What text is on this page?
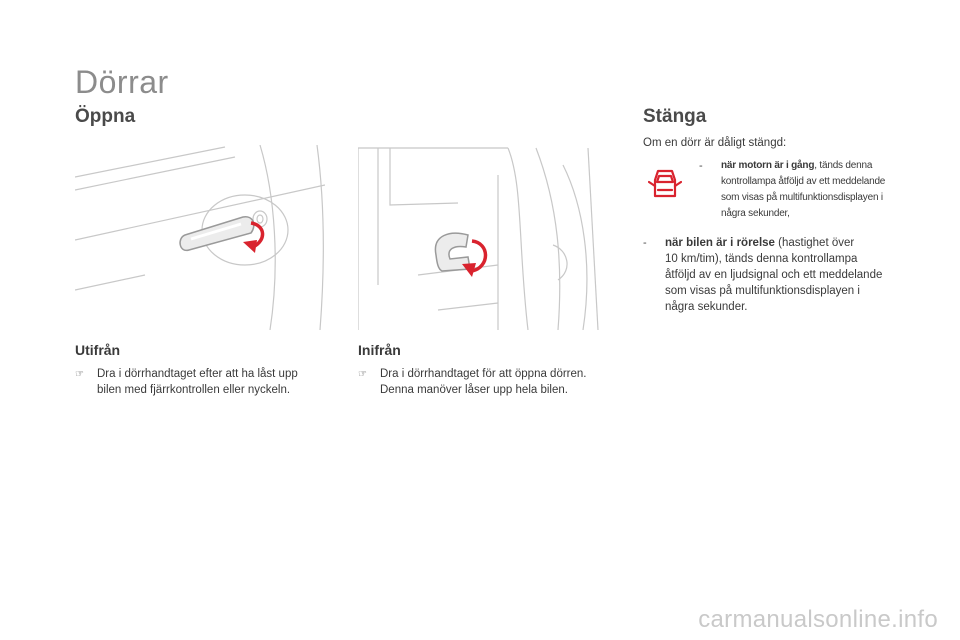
Dörrar
Öppna
Utifrån
☞	Dra i dörrhandtaget efter att ha låst upp
bilen med fjärrkontrollen eller nyckeln.
Inifrån
☞	Dra i dörrhandtaget för att öppna dörren.
Denna manöver låser upp hela bilen.
Stänga
Om en dörr är dåligt stängd:
-	när motorn är i gång, tänds denna
kontrollampa åtföljd av ett meddelande
som visas på multifunktionsdisplayen i
några sekunder,
-	när bilen är i rörelse (hastighet över
10 km/tim), tänds denna kontrollampa
åtföljd av en ljudsignal och ett meddelande
som visas på multifunktionsdisplayen i
några sekunder.
carmanualsonline.info
